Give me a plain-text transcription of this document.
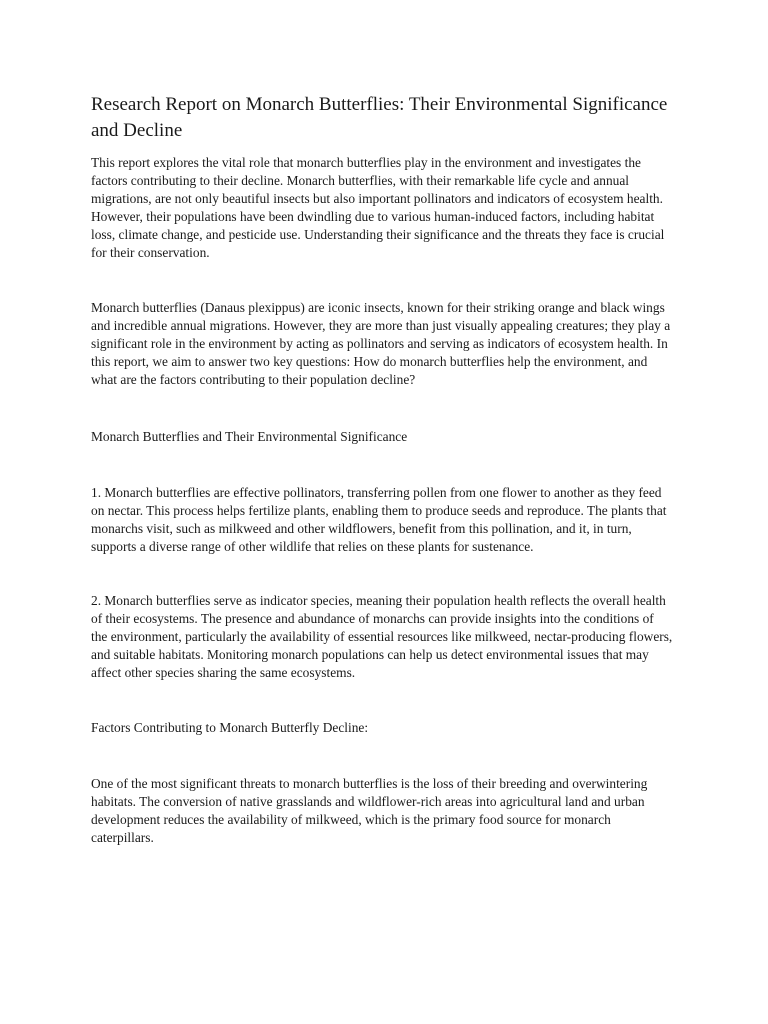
Research Report on Monarch Butterflies: Their Environmental Significance and Decline

This report explores the vital role that monarch butterflies play in the environment and investigates the factors contributing to their decline. Monarch butterflies, with their remarkable life cycle and annual migrations, are not only beautiful insects but also important pollinators and indicators of ecosystem health. However, their populations have been dwindling due to various human-induced factors, including habitat loss, climate change, and pesticide use. Understanding their significance and the threats they face is crucial for their conservation.

Monarch butterflies (Danaus plexippus) are iconic insects, known for their striking orange and black wings and incredible annual migrations. However, they are more than just visually appealing creatures; they play a significant role in the environment by acting as pollinators and serving as indicators of ecosystem health. In this report, we aim to answer two key questions: How do monarch butterflies help the environment, and what are the factors contributing to their population decline?

Monarch Butterflies and Their Environmental Significance

1. Monarch butterflies are effective pollinators, transferring pollen from one flower to another as they feed on nectar. This process helps fertilize plants, enabling them to produce seeds and reproduce. The plants that monarchs visit, such as milkweed and other wildflowers, benefit from this pollination, and it, in turn, supports a diverse range of other wildlife that relies on these plants for sustenance.

2. Monarch butterflies serve as indicator species, meaning their population health reflects the overall health of their ecosystems. The presence and abundance of monarchs can provide insights into the conditions of the environment, particularly the availability of essential resources like milkweed, nectar-producing flowers, and suitable habitats. Monitoring monarch populations can help us detect environmental issues that may affect other species sharing the same ecosystems.

Factors Contributing to Monarch Butterfly Decline:

One of the most significant threats to monarch butterflies is the loss of their breeding and overwintering habitats. The conversion of native grasslands and wildflower-rich areas into agricultural land and urban development reduces the availability of milkweed, which is the primary food source for monarch caterpillars.
